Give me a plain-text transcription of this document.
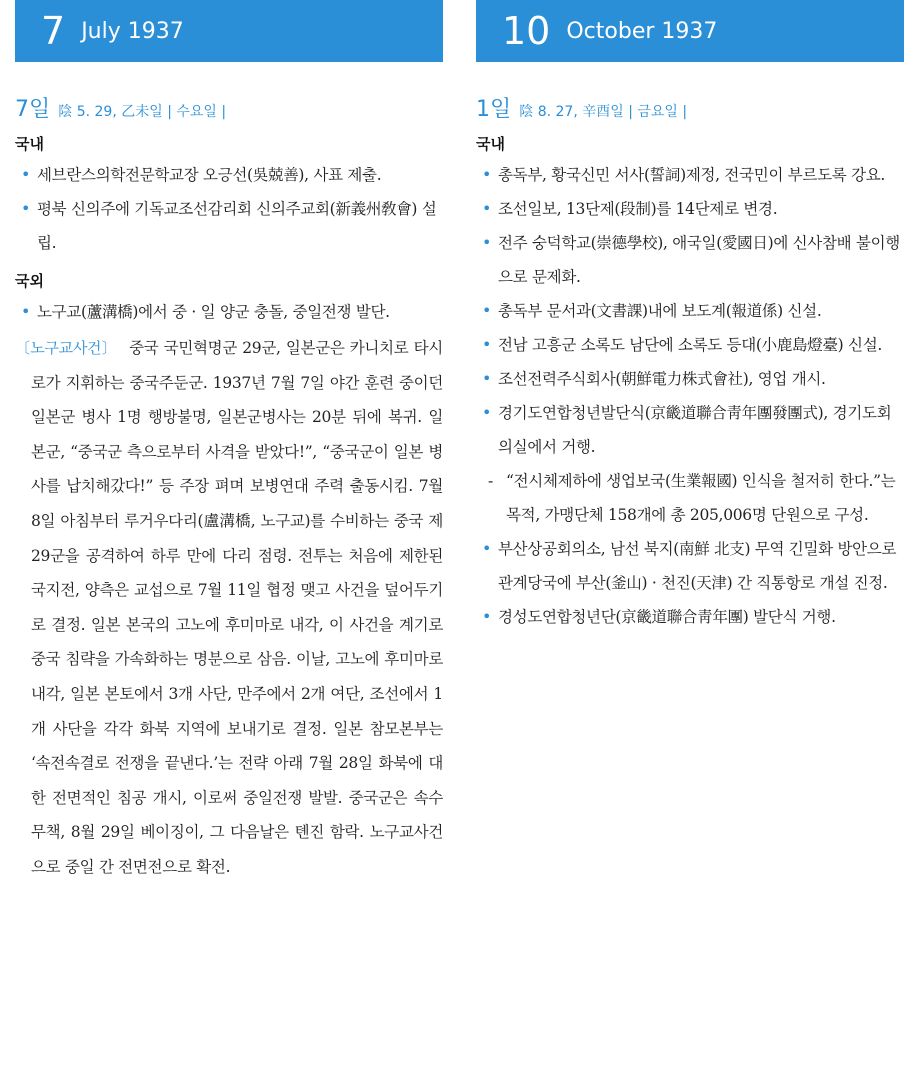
7 July 1937
7일 陰 5. 29, 乙未일 | 수요일 |
국내
• 세브란스의학전문학교장 오긍선(吳兢善), 사표 제출.
• 평북 신의주에 기독교조선감리회 신의주교회(新義州敎會) 설립.
국외
• 노구교(蘆溝橋)에서 중 · 일 양군 충돌, 중일전쟁 발단.
〔노구교사건〕 중국 국민혁명군 29군, 일본군은 카니치로 타시로가 지휘하는 중국주둔군. 1937년 7월 7일 야간 훈련 중이던 일본군 병사 1명 행방불명, 일본군병사는 20분 뒤에 복귀. 일본군, “중국군 측으로부터 사격을 받았다!”, “중국군이 일본 병사를 납치해갔다!” 등 주장 펴며 보병연대 주력 출동시킴. 7월 8일 아침부터 루거우다리(盧溝橋, 노구교)를 수비하는 중국 제29군을 공격하여 하루 만에 다리 점령. 전투는 처음에 제한된 국지전, 양측은 교섭으로 7월 11일 협정 맺고 사건을 덮어두기로 결정. 일본 본국의 고노에 후미마로 내각, 이 사건을 계기로 중국 침략을 가속화하는 명분으로 삼음. 이날, 고노에 후미마로 내각, 일본 본토에서 3개 사단, 만주에서 2개 여단, 조선에서 1개 사단을 각각 화북 지역에 보내기로 결정. 일본 참모본부는 ‘속전속결로 전쟁을 끝낸다.’는 전략 아래 7월 28일 화북에 대한 전면적인 침공 개시, 이로써 중일전쟁 발발. 중국군은 속수무책, 8월 29일 베이징이, 그 다음날은 톈진 함락. 노구교사건으로 중일 간 전면전으로 확전.
10 October 1937
1일 陰 8. 27, 辛酉일 | 금요일 |
국내
• 총독부, 황국신민 서사(誓詞)제정, 전국민이 부르도록 강요.
• 조선일보, 13단제(段制)를 14단제로 변경.
• 전주 숭덕학교(崇德學校), 애국일(愛國日)에 신사참배 불이행으로 문제화.
• 총독부 문서과(文書課)내에 보도계(報道係) 신설.
• 전남 고흥군 소록도 남단에 소록도 등대(小鹿島燈臺) 신설.
• 조선전력주식회사(朝鮮電力株式會社), 영업 개시.
• 경기도연합청년발단식(京畿道聯合靑年團發團式), 경기도회의실에서 거행.
- “전시체제하에 생업보국(生業報國) 인식을 철저히 한다.”는 목적, 가맹단체 158개에 총 205,006명 단원으로 구성.
• 부산상공회의소, 남선 북지(南鮮 北支) 무역 긴밀화 방안으로 관계당국에 부산(釜山) · 천진(天津) 간 직통항로 개설 진정.
• 경성도연합청년단(京畿道聯合靑年團) 발단식 거행.
